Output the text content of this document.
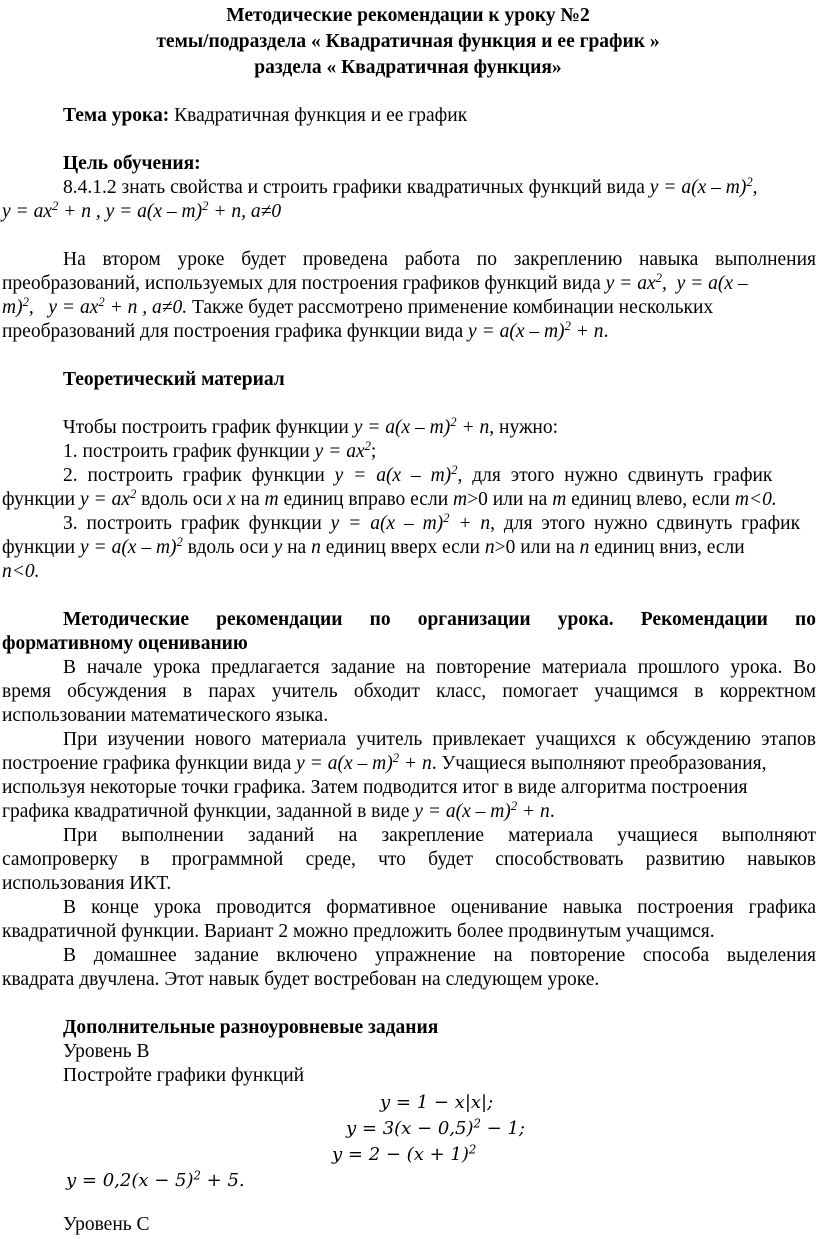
Методические рекомендации к уроку №2
темы/подраздела « Квадратичная функция и ее график »
раздела « Квадратичная функция»
Тема урока: Квадратичная функция и ее график
Цель обучения:
8.4.1.2 знать свойства и строить графики квадратичных функций вида y = a(x – m)$^2$,
$y = ax^2 + n$ , y = a(x – m)$^2$ + n, a≠0
На втором уроке будет проведена работа по закреплению навыка выполнения
преобразований, используемых для построения графиков функций вида $y = ax^2$,  y = a(x –
m)$^2$,   $y = ax^2 + n$ , a≠0. Также будет рассмотрено применение комбинации нескольких
преобразований для построения графика функции вида y = a(x – m)$^2$ + n.
Теоретический материал
Чтобы построить график функции y = a(x – m)$^2$ + n, нужно:
1. построить график функции $y = ax^2$;
2. построить график функции y = a(x – m)$^2$, для этого нужно сдвинуть график
функции $y = ax^2$ вдоль оси x на m единиц вправо если m>0 или на m единиц влево, если m<0.
3. построить график функции y = a(x – m)$^2$ + n, для этого нужно сдвинуть график
функции y = a(x – m)$^2$ вдоль оси y на n единиц вверх если n>0 или на n единиц вниз, если
n<0.
Методические рекомендации по организации урока. Рекомендации по
формативному оцениванию
В начале урока предлагается задание на повторение материала прошлого урока. Во
время обсуждения в парах учитель обходит класс, помогает учащимся в корректном
использовании математического языка.
При изучении нового материала учитель привлекает учащихся к обсуждению этапов
построение графика функции вида y = a(x – m)$^2$ + n. Учащиеся выполняют преобразования,
используя некоторые точки графика. Затем подводится итог в виде алгоритма построения
графика квадратичной функции, заданной в виде y = a(x – m)$^2$ + n.
При выполнении заданий на закрепление материала учащиеся выполняют
самопроверку в программной среде, что будет способствовать развитию навыков
использования ИКТ.
В конце урока проводится формативное оценивание навыка построения графика
квадратичной функции. Вариант 2 можно предложить более продвинутым учащимся.
В домашнее задание включено упражнение на повторение способа выделения
квадрата двучлена. Этот навык будет востребован на следующем уроке.
Дополнительные разноуровневые задания
Уровень В
Постройте графики функций
y = 1 − x|x|;
$y = 3(x - 0,5)^2 - 1$;
$y = 2 - (x + 1)^2$
$y = 0,2(x - 5)^2 + 5$.
Уровень С
